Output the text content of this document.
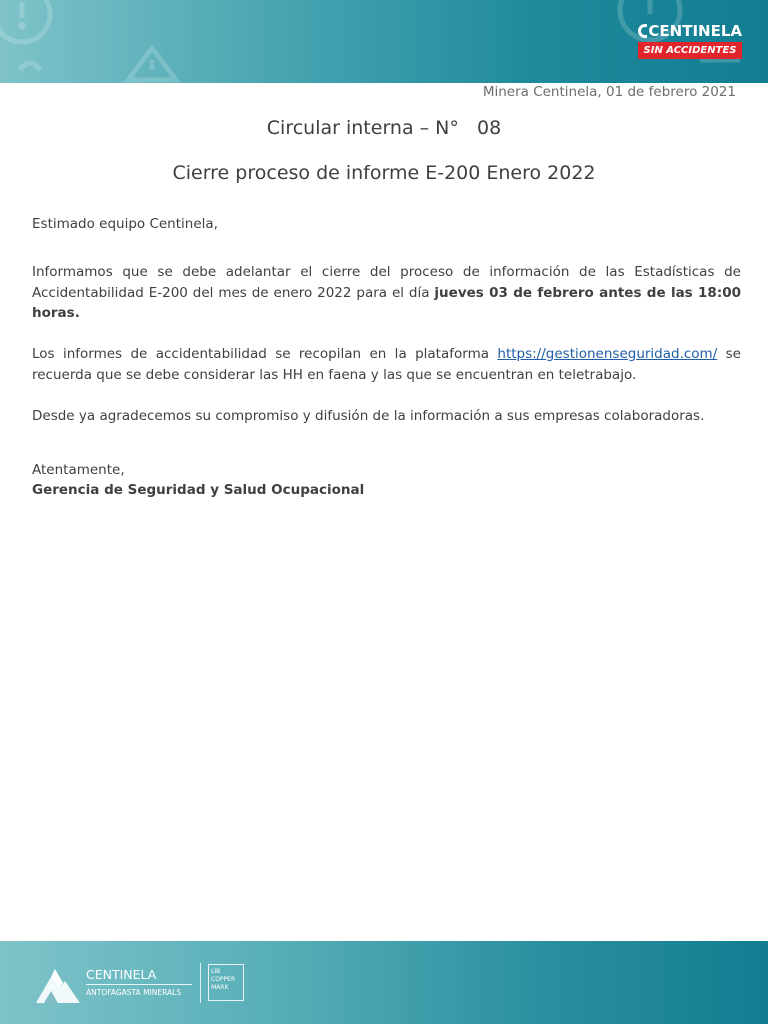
CENTINELA
SIN ACCIDENTES
Minera Centinela, 01 de febrero 2021
Circular interna – N°   08
Cierre proceso de informe E-200 Enero 2022
Estimado equipo Centinela,
Informamos que se debe adelantar el cierre del proceso de información de las Estadísticas de Accidentabilidad E-200 del mes de enero 2022 para el día jueves 03 de febrero antes de las 18:00 horas.
Los informes de accidentabilidad se recopilan en la plataforma https://gestionenseguridad.com/ se recuerda que se debe considerar las HH en faena y las que se encuentran en teletrabajo.
Desde ya agradecemos su compromiso y difusión de la información a sus empresas colaboradoras.
Atentamente,
Gerencia de Seguridad y Salud Ocupacional
CENTINELA
ANTOFAGASTA MINERALS
LIB
COPPER
MARK
